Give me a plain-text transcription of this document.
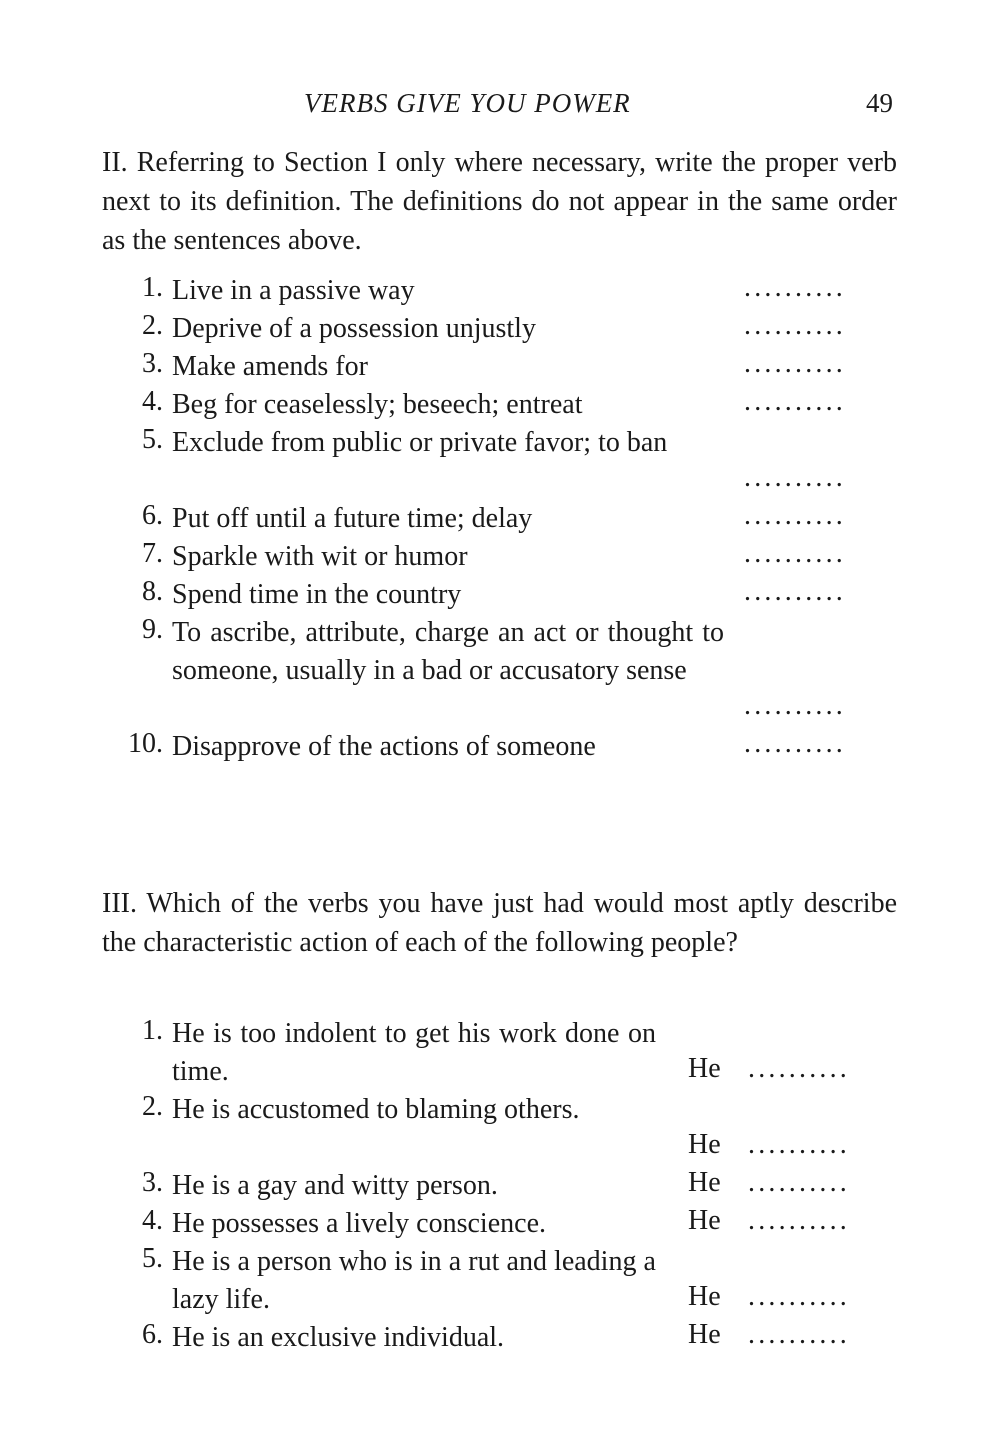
VERBS GIVE YOU POWER	49

II. Referring to Section I only where necessary, write the proper verb next to its definition. The definitions do not appear in the same order as the sentences above.

1. Live in a passive way	..........
2. Deprive of a possession unjustly	..........
3. Make amends for	..........
4. Beg for ceaselessly; beseech; entreat	..........
5. Exclude from public or private favor; to ban
..........
6. Put off until a future time; delay	..........
7. Sparkle with wit or humor	..........
8. Spend time in the country	..........
9. To ascribe, attribute, charge an act or thought to someone, usually in a bad or accusatory sense
..........
10. Disapprove of the actions of someone	..........

III. Which of the verbs you have just had would most aptly describe the characteristic action of each of the following people?

1. He is too indolent to get his work done on time.	He ..........
2. He is accustomed to blaming others.
He ..........
3. He is a gay and witty person.	He ..........
4. He possesses a lively conscience.	He ..........
5. He is a person who is in a rut and leading a lazy life.	He ..........
6. He is an exclusive individual.	He ..........
